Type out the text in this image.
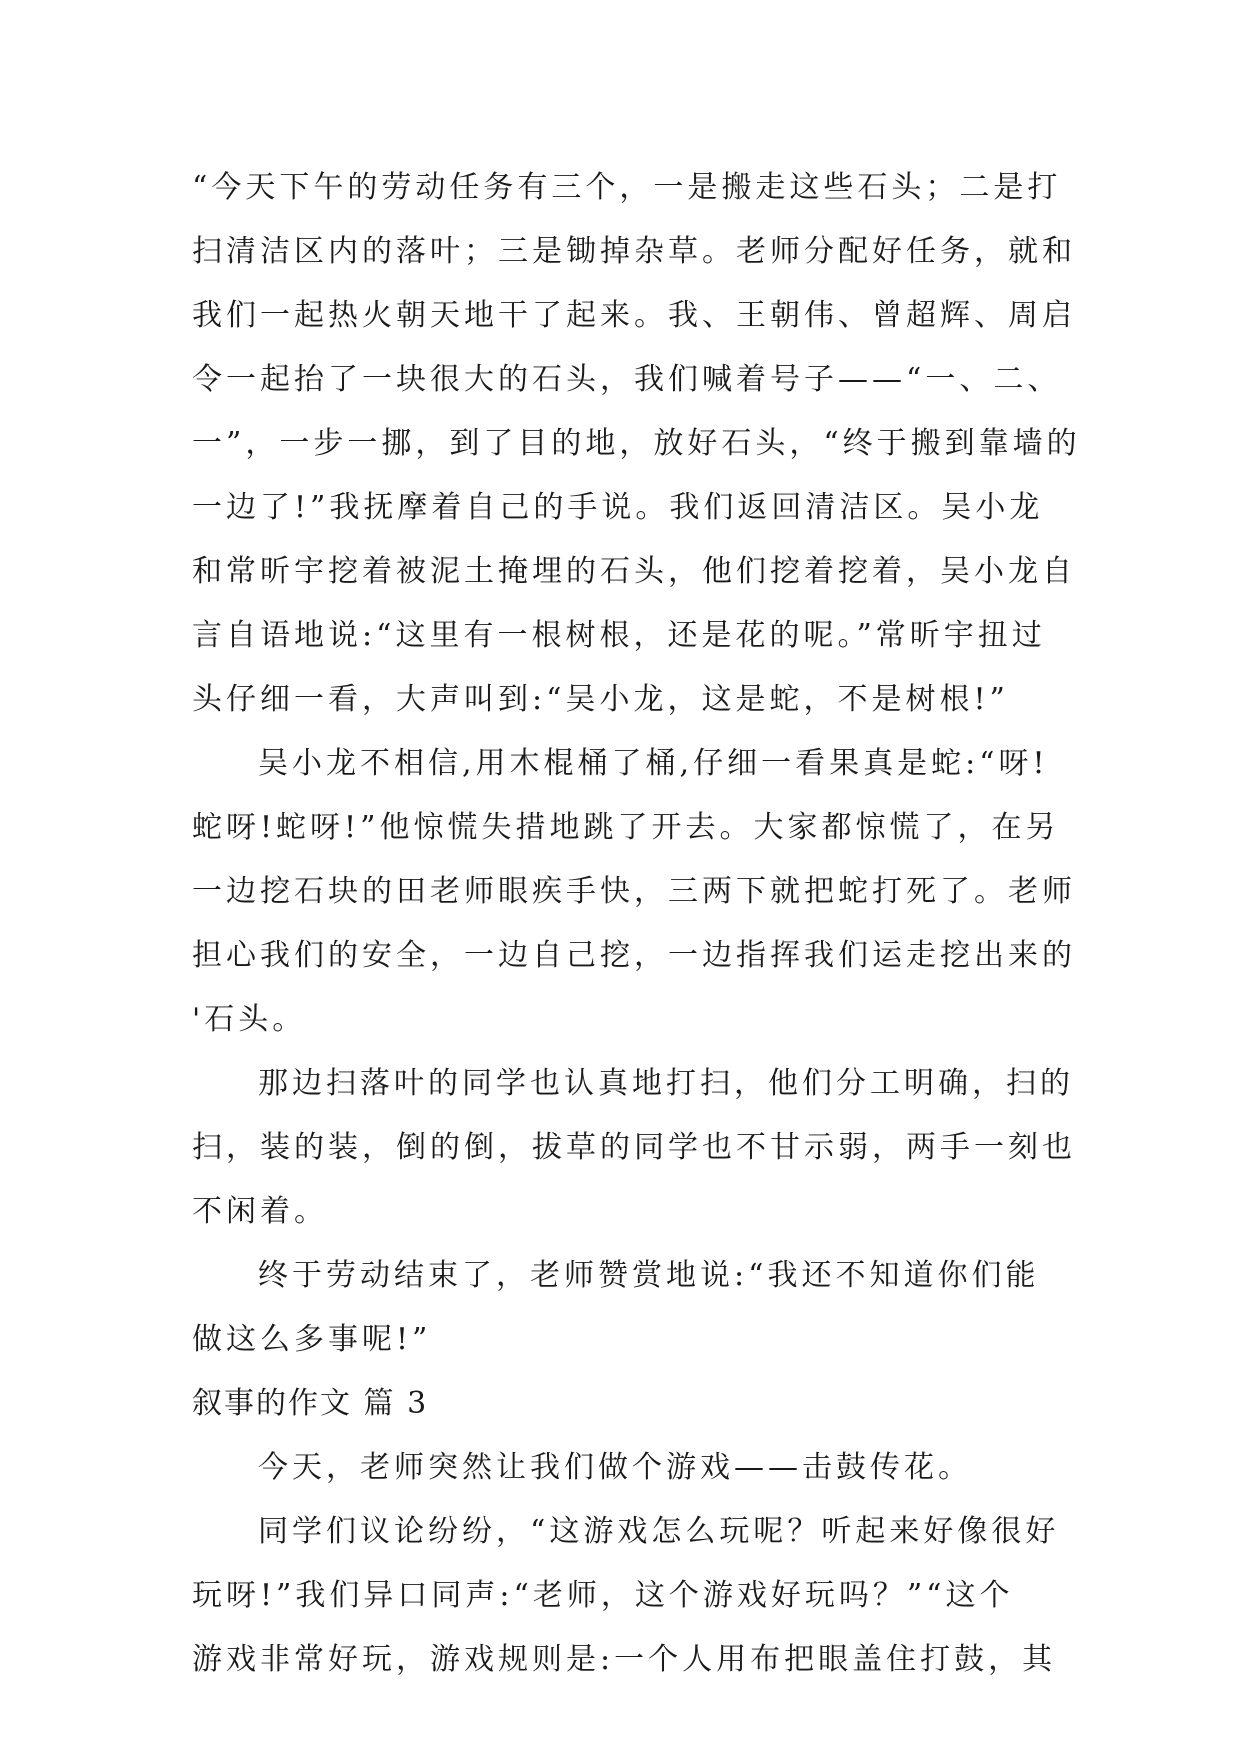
“今天下午的劳动任务有三个，一是搬走这些石头；二是打
扫清洁区内的落叶；三是锄掉杂草。老师分配好任务，就和
我们一起热火朝天地干了起来。我、王朝伟、曾超辉、周启
令一起抬了一块很大的石头，我们喊着号子——“一、二、
一”，一步一挪，到了目的地，放好石头，“终于搬到靠墙的
一边了!”我抚摩着自己的手说。我们返回清洁区。吴小龙
和常昕宇挖着被泥土掩埋的石头，他们挖着挖着，吴小龙自
言自语地说:“这里有一根树根，还是花的呢。”常昕宇扭过
头仔细一看，大声叫到:“吴小龙，这是蛇，不是树根!”
吴小龙不相信,用木棍桶了桶,仔细一看果真是蛇:“呀!
蛇呀!蛇呀!”他惊慌失措地跳了开去。大家都惊慌了，在另
一边挖石块的田老师眼疾手快，三两下就把蛇打死了。老师
担心我们的安全，一边自己挖，一边指挥我们运走挖出来的
'石头。
那边扫落叶的同学也认真地打扫，他们分工明确，扫的
扫，装的装，倒的倒，拔草的同学也不甘示弱，两手一刻也
不闲着。
终于劳动结束了，老师赞赏地说:“我还不知道你们能
做这么多事呢!”
叙事的作文 篇 3
今天，老师突然让我们做个游戏——击鼓传花。
同学们议论纷纷，“这游戏怎么玩呢？听起来好像很好
玩呀!”我们异口同声:“老师，这个游戏好玩吗？”“这个
游戏非常好玩，游戏规则是:一个人用布把眼盖住打鼓，其
